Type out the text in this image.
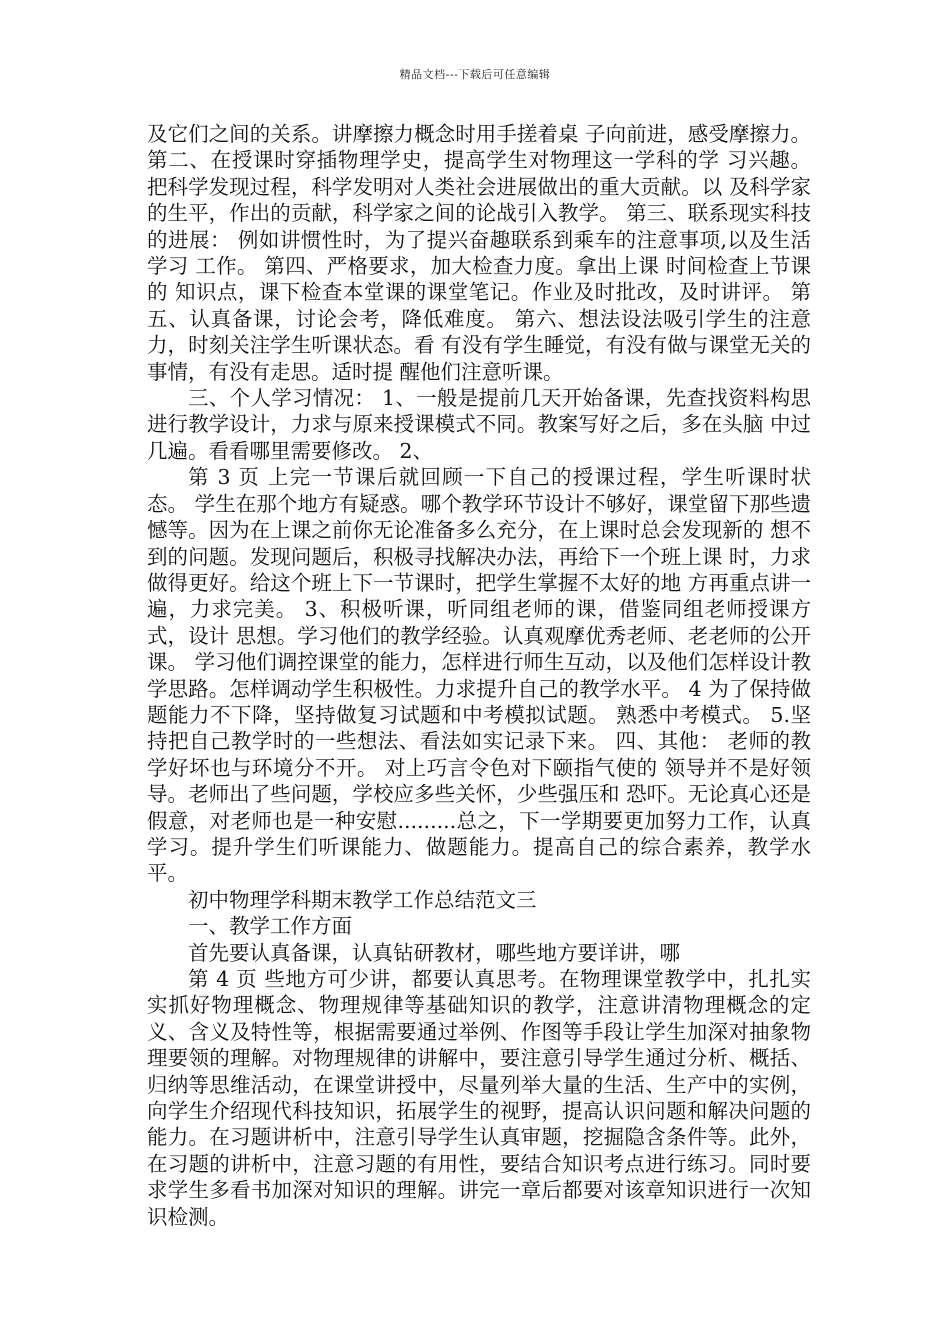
精品文档---下载后可任意编辑

及它们之间的关系。讲摩擦力概念时用手搓着桌 子向前进，感受摩擦力。 第二、在授课时穿插物理学史，提高学生对物理这一学科的学 习兴趣。 把科学发现过程，科学发明对人类社会进展做出的重大贡献。以 及科学家的生平，作出的贡献，科学家之间的论战引入教学。 第三、联系现实科技的进展： 例如讲惯性时，为了提兴奋趣联系到乘车的注意事项,以及生活学习 工作。 第四、严格要求，加大检查力度。拿出上课 时间检查上节课的 知识点，课下检查本堂课的课堂笔记。作业及时批改，及时讲评。 第五、认真备课，讨论会考，降低难度。 第六、想法设法吸引学生的注意力，时刻关注学生听课状态。看 有没有学生睡觉，有没有做与课堂无关的事情，有没有走思。适时提 醒他们注意听课。

三、个人学习情况： 1、一般是提前几天开始备课，先查找资料构思 进行教学设计，力求与原来授课模式不同。教案写好之后，多在头脑 中过几遍。看看哪里需要修改。 2、

第 3 页 上完一节课后就回顾一下自己的授课过程，学生听课时状态。 学生在那个地方有疑惑。哪个教学环节设计不够好，课堂留下那些遗 憾等。因为在上课之前你无论准备多么充分，在上课时总会发现新的 想不到的问题。发现问题后，积极寻找解决办法，再给下一个班上课 时，力求做得更好。给这个班上下一节课时，把学生掌握不太好的地 方再重点讲一遍，力求完美。 3、积极听课，听同组老师的课，借鉴同组老师授课方式，设计 思想。学习他们的教学经验。认真观摩优秀老师、老老师的公开课。 学习他们调控课堂的能力，怎样进行师生互动，以及他们怎样设计教 学思路。怎样调动学生积极性。力求提升自己的教学水平。 4 为了保持做题能力不下降，坚持做复习试题和中考模拟试题。 熟悉中考模式。 5.坚持把自己教学时的一些想法、看法如实记录下来。 四、其他： 老师的教学好坏也与环境分不开。 对上巧言令色对下颐指气使的 领导并不是好领导。老师出了些问题，学校应多些关怀，少些强压和 恐吓。无论真心还是假意，对老师也是一种安慰.........总之，下一学期要更加努力工作，认真学习。提升学生们听课能力、做题能力。提高自己的综合素养，教学水平。

初中物理学科期末教学工作总结范文三

一、教学工作方面

首先要认真备课，认真钻研教材，哪些地方要详讲，哪

第 4 页 些地方可少讲，都要认真思考。在物理课堂教学中，扎扎实实抓好物理概念、物理规律等基础知识的教学，注意讲清物理概念的定义、含义及特性等，根据需要通过举例、作图等手段让学生加深对抽象物理要领的理解。对物理规律的讲解中，要注意引导学生通过分析、概括、归纳等思维活动，在课堂讲授中，尽量列举大量的生活、生产中的实例，向学生介绍现代科技知识，拓展学生的视野，提高认识问题和解决问题的能力。在习题讲析中，注意引导学生认真审题，挖掘隐含条件等。此外，在习题的讲析中，注意习题的有用性，要结合知识考点进行练习。同时要求学生多看书加深对知识的理解。讲完一章后都要对该章知识进行一次知识检测。
